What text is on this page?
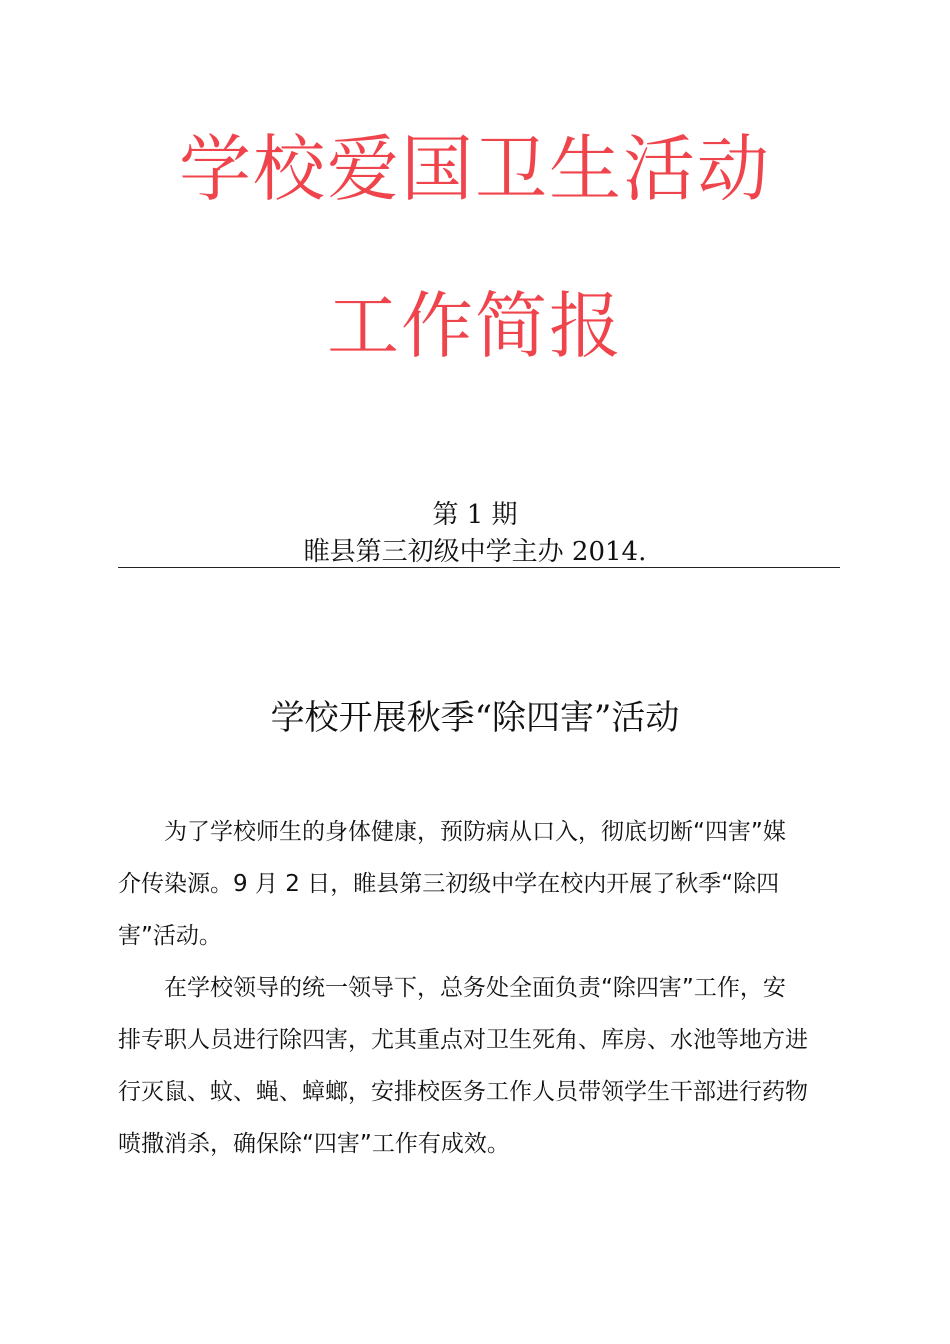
学校爱国卫生活动
工作简报
第 1 期
睢县第三初级中学主办 2014.
学校开展秋季“除四害”活动
为了学校师生的身体健康，预防病从口入，彻底切断“四害”媒
介传染源。9 月 2 日，睢县第三初级中学在校内开展了秋季“除四
害”活动。
在学校领导的统一领导下，总务处全面负责“除四害”工作，安
排专职人员进行除四害，尤其重点对卫生死角、库房、水池等地方进
行灭鼠、蚊、蝇、蟑螂，安排校医务工作人员带领学生干部进行药物
喷撒消杀，确保除“四害”工作有成效。
